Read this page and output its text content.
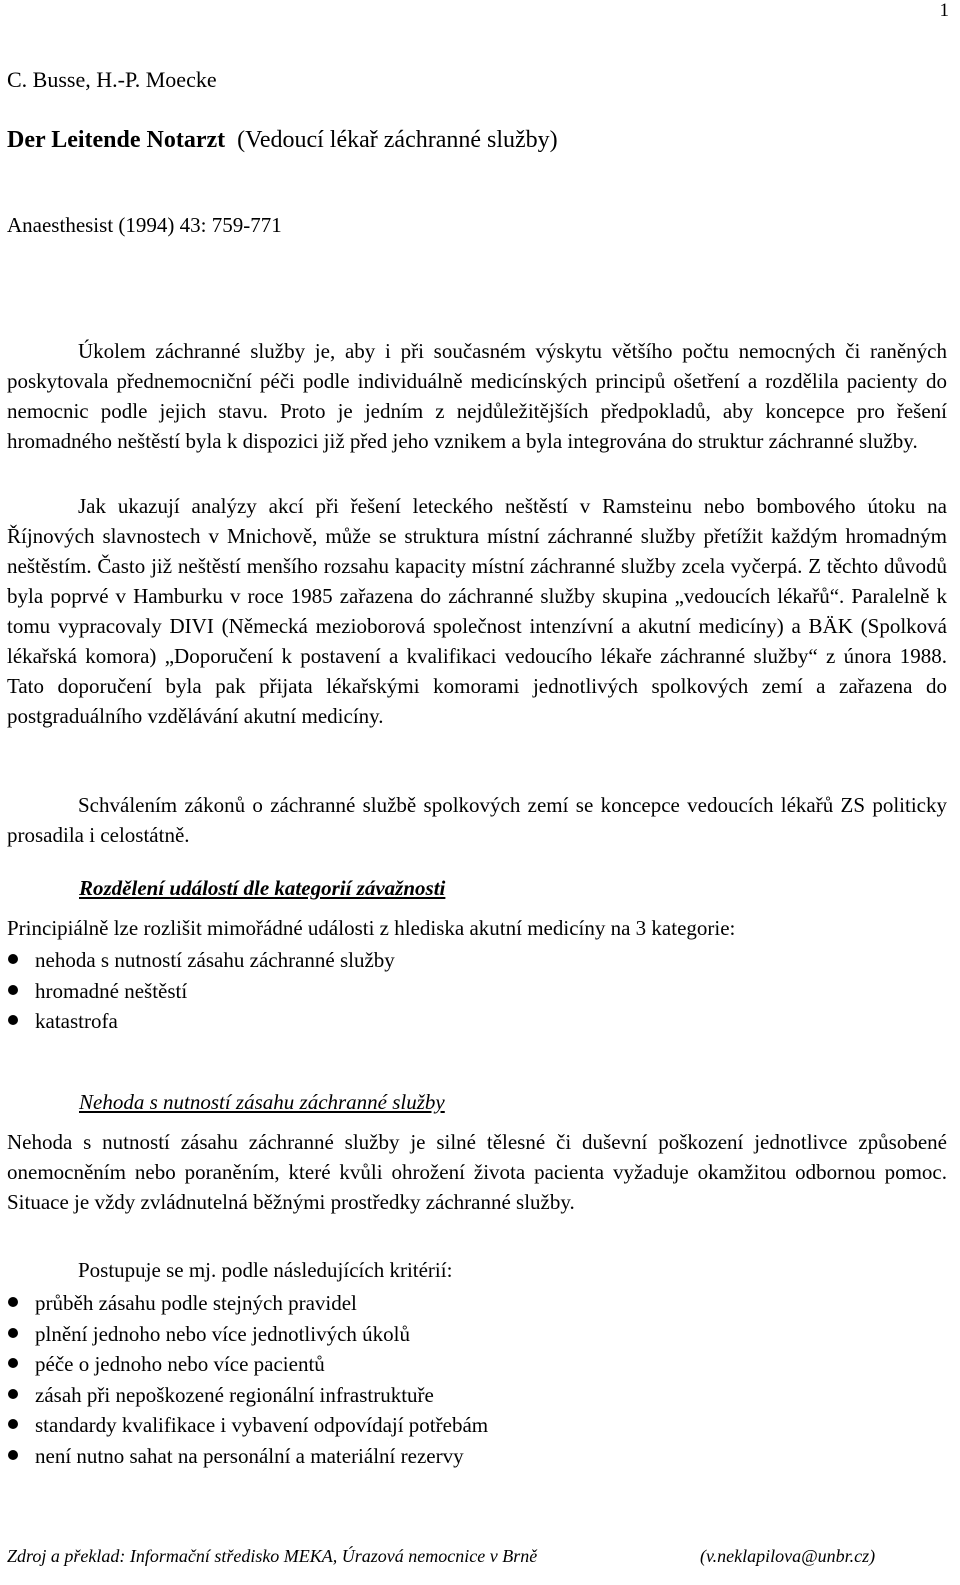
1
C. Busse, H.-P. Moecke
Der Leitende Notarzt (Vedoucí lékař záchranné služby)
Anaesthesist (1994) 43: 759-771

Úkolem záchranné služby je, aby i při současném výskytu většího počtu nemocných či raněných poskytovala přednemocniční péči podle individuálně medicínských principů ošetření a rozdělila pacienty do nemocnic podle jejich stavu. Proto je jedním z nejdůležitějších předpokladů, aby koncepce pro řešení hromadného neštěstí byla k dispozici již před jeho vznikem a byla integrována do struktur záchranné služby.

Jak ukazují analýzy akcí při řešení leteckého neštěstí v Ramsteinu nebo bombového útoku na Říjnových slavnostech v Mnichově, může se struktura místní záchranné služby přetížit každým hromadným neštěstím. Často již neštěstí menšího rozsahu kapacity místní záchranné služby zcela vyčerpá. Z těchto důvodů byla poprvé v Hamburku v roce 1985 zařazena do záchranné služby skupina „vedoucích lékařů“. Paralelně k tomu vypracovaly DIVI (Německá mezioborová společnost intenzívní a akutní medicíny) a BÄK (Spolková lékařská komora) „Doporučení k postavení a kvalifikaci vedoucího lékaře záchranné služby“ z února 1988. Tato doporučení byla pak přijata lékařskými komorami jednotlivých spolkových zemí a zařazena do postgraduálního vzdělávání akutní medicíny.

Schválením zákonů o záchranné službě spolkových zemí se koncepce vedoucích lékařů ZS politicky prosadila i celostátně.

Rozdělení událostí dle kategorií závažnosti
Principiálně lze rozlišit mimořádné události z hlediska akutní medicíny na 3 kategorie:
nehoda s nutností zásahu záchranné služby
hromadné neštěstí
katastrofa
Nehoda s nutností zásahu záchranné služby

Nehoda s nutností zásahu záchranné služby je silné tělesné či duševní poškození jednotlivce způsobené onemocněním nebo poraněním, které kvůli ohrožení života pacienta vyžaduje okamžitou odbornou pomoc. Situace je vždy zvládnutelná běžnými prostředky záchranné služby.

Postupuje se mj. podle následujících kritérií:
průběh zásahu podle stejných pravidel
plnění jednoho nebo více jednotlivých úkolů
péče o jednoho nebo více pacientů
zásah při nepoškozené regionální infrastruktuře
standardy kvalifikace i vybavení odpovídají potřebám
není nutno sahat na personální a materiální rezervy
Zdroj a překlad: Informační středisko MEKA, Úrazová nemocnice v Brně	(v.neklapilova@unbr.cz)
